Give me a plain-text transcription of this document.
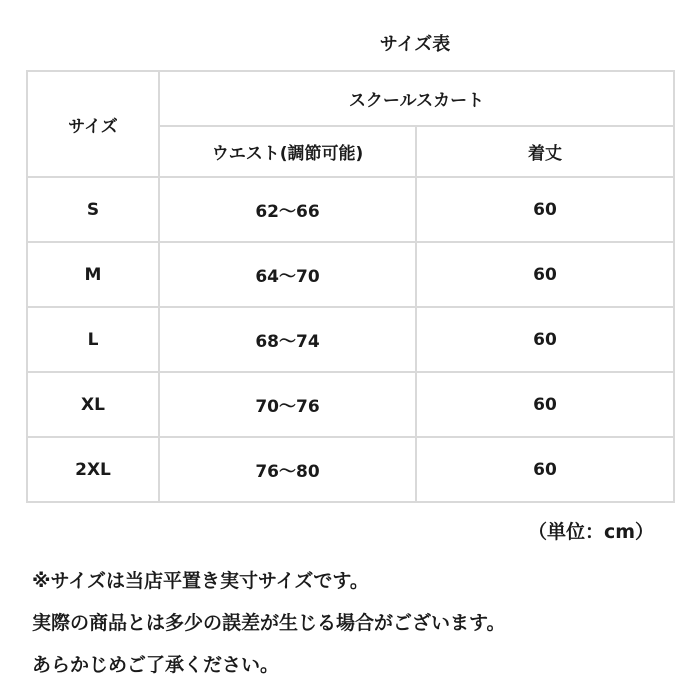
サイズ表
サイズ	スクールスカート	
	ウエスト(調節可能)	着丈
S	62〜66	60
M	64〜70	60
L	68〜74	60
XL	70〜76	60
2XL	76〜80	60
（単位：cm）
※サイズは当店平置き実寸サイズです。
実際の商品とは多少の誤差が生じる場合がございます。
あらかじめご了承ください。
